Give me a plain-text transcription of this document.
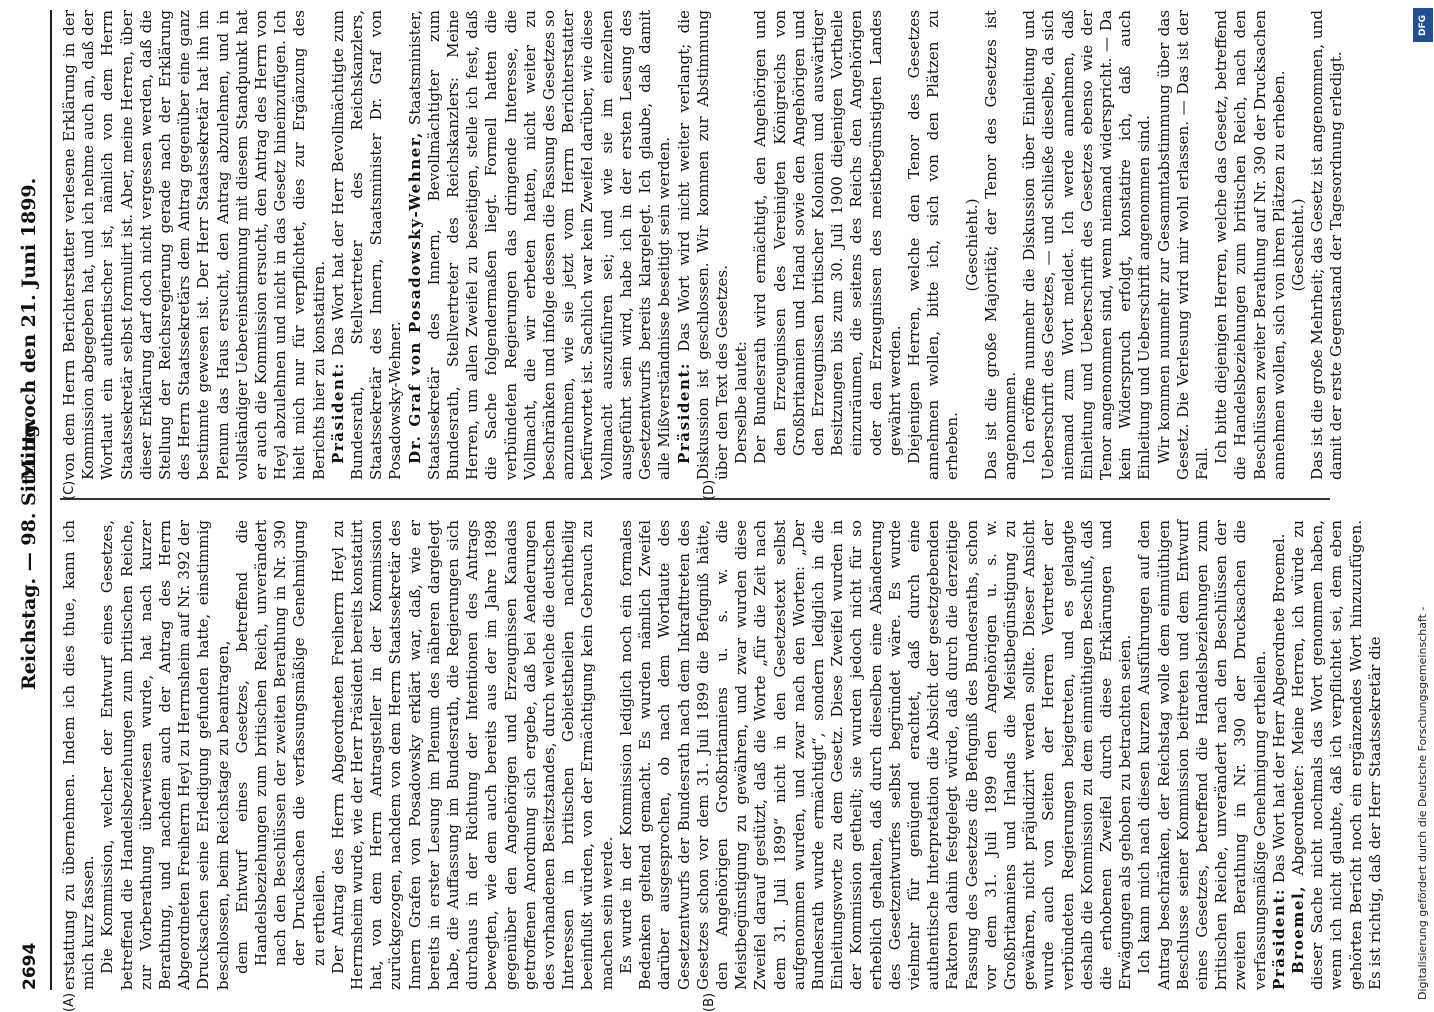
2694
Reichstag. — 98. Sitzung.
Mittwoch den 21. Juni 1899.

erstattung zu übernehmen. Indem ich dies thue, kann ich mich kurz fassen. Die Kommission, welcher der Entwurf eines Gesetzes, betreffend die Handelsbeziehungen zum britischen Reiche, zur Vorberathung überwiesen wurde, hat nach kurzer Berathung, und nachdem auch der Antrag des Herrn Abgeordneten Freiherrn Heyl zu Herrnsheim auf Nr. 392 der Drucksachen seine Erledigung gefunden hatte, einstimmig beschlossen, beim Reichstage zu beantragen, dem Entwurf eines Gesetzes, betreffend die Handelsbeziehungen zum britischen Reich, unverändert nach den Beschlüssen der zweiten Berathung in Nr. 390 der Drucksachen die verfassungsmäßige Genehmigung zu ertheilen. Der Antrag des Herrn Abgeordneten Freiherrn Heyl zu Herrnsheim wurde, wie der Herr Präsident bereits konstatirt hat, von dem Herrn Antragsteller in der Kommission zurückgezogen, nachdem von dem Herrn Staatssekretär des Innern Grafen von Posadowsky erklärt war, daß, wie er bereits in erster Lesung im Plenum des näheren dargelegt habe, die Auffassung im Bundesrath, die Regierungen sich durchaus in der Richtung der Intentionen des Antrags bewegten, wie dem auch bereits aus der im Jahre 1898 gegenüber den Angehörigen und Erzeugnissen Kanadas getroffenen Anordnung sich ergebe, daß bei Aenderungen des vorhandenen Besitzstandes, durch welche die deutschen Interessen in britischen Gebietstheilen nachtheilig beeinflußt würden, von der Ermächtigung kein Gebrauch zu machen sein werde. Es wurde in der Kommission lediglich noch ein formales Bedenken geltend gemacht. Es wurden nämlich Zweifel darüber ausgesprochen, ob nach dem Wortlaute des Gesetzentwurfs der Bundesrath nach dem Inkrafttreten des Gesetzes schon vor dem 31. Juli 1899 die Befugniß hätte, den Angehörigen Großbritanniens u. s. w. die Meistbegünstigung zu gewähren, und zwar wurden diese Zweifel darauf gestützt, daß die Worte „für die Zeit nach dem 31. Juli 1899“ nicht in den Gesetzestext selbst aufgenommen wurden, und zwar nach den Worten: „Der Bundesrath wurde ermächtigt“, sondern lediglich in die Einleitungsworte zu dem Gesetz. Diese Zweifel wurden in der Kommission getheilt; sie wurden jedoch nicht für so erheblich gehalten, daß durch dieselben eine Abänderung des Gesetzentwurfes selbst begründet wäre. Es wurde vielmehr für genügend erachtet, daß durch eine authentische Interpretation die Absicht der gesetzgebenden Faktoren dahin festgelegt würde, daß durch die derzeitige Fassung des Gesetzes die Befugniß des Bundesraths, schon vor dem 31. Juli 1899 den Angehörigen u. s. w. Großbritanniens und Irlands die Meistbegünstigung zu gewähren, nicht präjudizirt werden sollte. Dieser Ansicht wurde auch von Seiten der Herren Vertreter der verbündeten Regierungen beigetreten, und es gelangte deshalb die Kommission zu dem einmüthigen Beschluß, daß die erhobenen Zweifel durch diese Erklärungen und Erwägungen als gehoben zu betrachten seien. Ich kann mich nach diesen kurzen Ausführungen auf den Antrag beschränken, der Reichstag wolle dem einmüthigen Beschlusse seiner Kommission beitreten und dem Entwurf eines Gesetzes, betreffend die Handelsbeziehungen zum britischen Reiche, unverändert nach den Beschlüssen der zweiten Berathung in Nr. 390 der Drucksachen die verfassungsmäßige Genehmigung ertheilen. Präsident: Das Wort hat der Herr Abgeordnete Broemel.

Broemel, Abgeordneter: Meine Herren, ich würde zu dieser Sache nicht nochmals das Wort genommen haben, wenn ich nicht glaubte, daß ich verpflichtet sei, dem eben gehörten Bericht noch ein ergänzendes Wort hinzuzufügen. Es ist richtig, daß der Herr Staatssekretär die

von dem Herrn Berichterstatter verlesene Erklärung in der Kommission abgegeben hat, und ich nehme auch an, daß der Wortlaut ein authentischer ist, nämlich von dem Herrn Staatssekretär selbst formulirt ist. Aber, meine Herren, über dieser Erklärung darf doch nicht vergessen werden, daß die Stellung der Reichsregierung gerade nach der Erklärung des Herrn Staatssekretärs dem Antrag gegenüber eine ganz bestimmte gewesen ist. Der Herr Staatssekretär hat ihn im Plenum das Haus ersucht, den Antrag abzulehnen, und in vollständiger Uebereinstimmung mit diesem Standpunkt hat er auch die Kommission ersucht, den Antrag des Herrn von Heyl abzulehnen und nicht in das Gesetz hineinzufügen. Ich hielt mich nur für verpflichtet, dies zur Ergänzung des Berichts hier zu konstatiren. Präsident: Das Wort hat der Herr Bevollmächtigte zum Bundesrath, Stellvertreter des Reichskanzlers, Staatssekretär des Innern, Staatsminister Dr. Graf von Posadowsky-Wehner. Dr. Graf von Posadowsky-Wehner, Staatsminister, Staatssekretär des Innern, Bevollmächtigter zum Bundesrath, Stellvertreter des Reichskanzlers: Meine Herren, um allen Zweifel zu beseitigen, stelle ich fest, daß die Sache folgendermaßen liegt. Formell hatten die verbündeten Regierungen das dringende Interesse, die Vollmacht, die wir erbeten hatten, nicht weiter zu beschränken und infolge dessen die Fassung des Gesetzes so anzunehmen, wie sie jetzt vom Herrn Berichterstatter befürwortet ist. Sachlich war kein Zweifel darüber, wie diese Vollmacht auszuführen sei; und wie sie im einzelnen ausgeführt sein wird, habe ich in der ersten Lesung des Gesetzentwurfs bereits klargelegt. Ich glaube, daß damit alle Mißverständnisse beseitigt sein werden. Präsident: Das Wort wird nicht weiter verlangt; die Diskussion ist geschlossen. Wir kommen zur Abstimmung über den Text des Gesetzes. Derselbe lautet: Der Bundesrath wird ermächtigt, den Angehörigen und den Erzeugnissen des Vereinigten Königreichs von Großbritannien und Irland sowie den Angehörigen und den Erzeugnissen britischer Kolonien und auswärtiger Besitzungen bis zum 30. Juli 1900 diejenigen Vortheile einzuräumen, die seitens des Reichs den Angehörigen oder den Erzeugnissen des meistbegünstigten Landes gewährt werden. Diejenigen Herren, welche den Tenor des Gesetzes annehmen wollen, bitte ich, sich von den Plätzen zu erheben.

(Geschieht.) Das ist die große Majorität; der Tenor des Gesetzes ist angenommen. Ich eröffne nunmehr die Diskussion über Einleitung und Ueberschrift des Gesetzes, — und schließe dieselbe, da sich niemand zum Wort meldet. Ich werde annehmen, daß Einleitung und Ueberschrift des Gesetzes ebenso wie der Tenor angenommen sind, wenn niemand widerspricht. — Da kein Widerspruch erfolgt, konstatire ich, daß auch Einleitung und Ueberschrift angenommen sind. Wir kommen nunmehr zur Gesammtabstimmung über das Gesetz. Die Verlesung wird mir wohl erlassen. — Das ist der Fall. Ich bitte diejenigen Herren, welche das Gesetz, betreffend die Handelsbeziehungen zum britischen Reich, nach den Beschlüssen zweiter Berathung auf Nr. 390 der Drucksachen annehmen wollen, sich von ihren Plätzen zu erheben. (Geschieht.) Das ist die große Mehrheit; das Gesetz ist angenommen, und damit der erste Gegenstand der Tagesordnung erledigt.

(A)	(B)
(C)	(D)
Digitalisierung gefördert durch die Deutsche Forschungsgemeinschaft -
DFG
